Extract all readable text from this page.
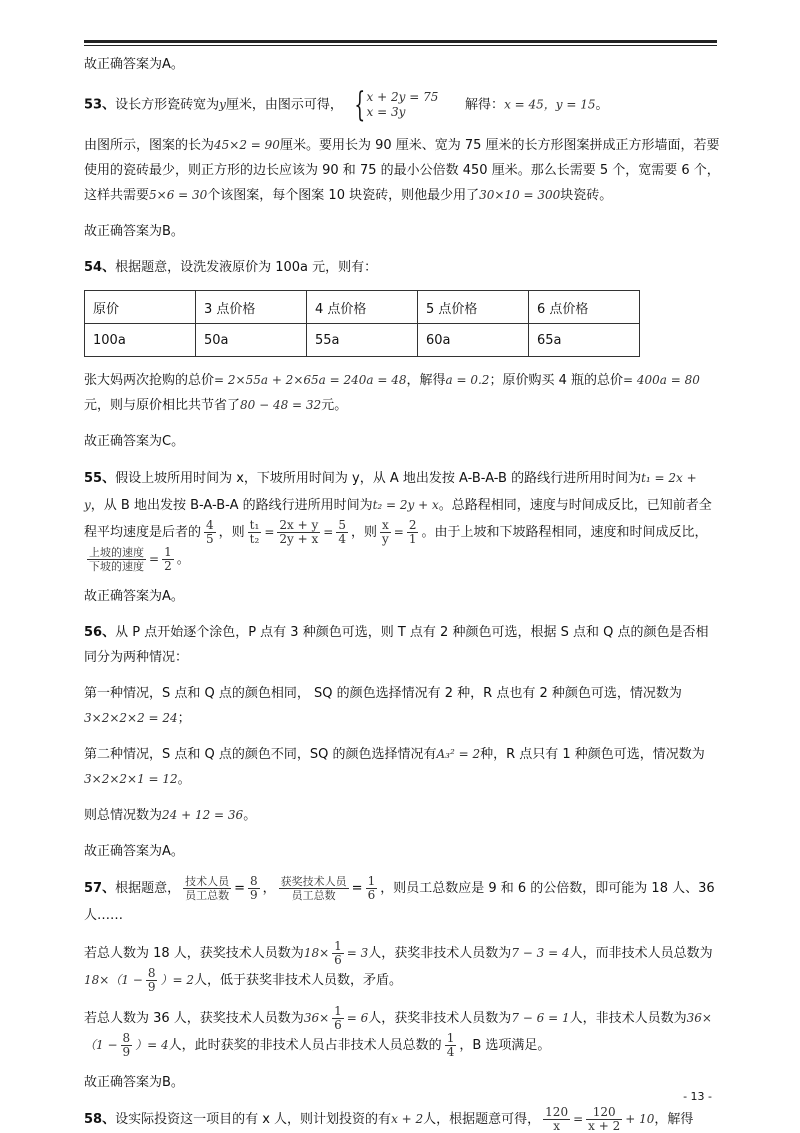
故正确答案为A。

53、设长方形瓷砖宽为y厘米，由图示可得， { x + 2y = 75
x = 3y	解得：x = 45，y = 15。

由图所示，图案的长为45×2 = 90厘米。要用长为 90 厘米、宽为 75 厘米的长方形图案拼成正方形墙面，若要使用的瓷砖最少，则正方形的边长应该为 90 和 75 的最小公倍数 450 厘米。那么长需要 5 个，宽需要 6 个，这样共需要5×6 = 30个该图案，每个图案 10 块瓷砖，则他最少用了30×10 = 300块瓷砖。

故正确答案为B。

54、根据题意，设洗发液原价为 100a 元，则有：

原价	3 点价格	4 点价格	5 点价格	6 点价格
100a	50a	55a	60a	65a

张大妈两次抢购的总价= 2×55a + 2×65a = 240a = 48，解得a = 0.2；原价购买 4 瓶的总价= 400a = 80元，则与原价相比共节省了80 − 48 = 32元。

故正确答案为C。

55、假设上坡所用时间为 x，下坡所用时间为 y，从 A 地出发按 A-B-A-B 的路线行进所用时间为t₁ = 2x + y，从 B 地出发按 B-A-B-A 的路线行进所用时间为t₂ = 2y + x。总路程相同，速度与时间成反比，已知前者全程平均速度是后者的 $\frac{4}{5}$ ，则 $\frac{\text{t₁}}{\text{t₂}} = \frac{2x + y}{2y + x} = \frac{5}{4}$ ，则 $\frac{x}{y} = \frac{2}{1}$ 。由于上坡和下坡路程相同，速度和时间成反比，
$\frac{\text{上坡的速度}}{\text{下坡的速度}} = \frac{1}{2}$ 。

故正确答案为A。

56、从 P 点开始逐个涂色，P 点有 3 种颜色可选，则 T 点有 2 种颜色可选，根据 S 点和 Q 点的颜色是否相同分为两种情况：

第一种情况，S 点和 Q 点的颜色相同， SQ 的颜色选择情况有 2 种，R 点也有 2 种颜色可选，情况数为3×2×2×2 = 24；

第二种情况，S 点和 Q 点的颜色不同，SQ 的颜色选择情况有A₃² = 2种，R 点只有 1 种颜色可选，情况数为3×2×2×1 = 12。

则总情况数为24 + 12 = 36。

故正确答案为A。

57、根据题意， $\frac{\text{技术人员}}{\text{员工总数}} = \frac{8}{9}$ ， $\frac{\text{获奖技术人员}}{\text{员工总数}} = \frac{1}{6}$ ，则员工总数应是 9 和 6 的公倍数，即可能为 18 人、36 人……

若总人数为 18 人，获奖技术人员数为$18\times \frac{1}{6} = 3$人，获奖非技术人员数为7 − 3 = 4人，而非技术人员总数为$18\times(1 - \frac{8}{9}$ ）= 2人，低于获奖非技术人员数，矛盾。

若总人数为 36 人，获奖技术人员数为$36\times \frac{1}{6} = 6$人，获奖非技术人员数为7 − 6 = 1人，非技术人员数为$36\times(1 - \frac{8}{9}$ ）= 4人，此时获奖的非技术人员占非技术人员总数的 $\frac{1}{4}$ ，B 选项满足。

故正确答案为B。

58、设实际投资这一项目的有 x 人，则计划投资的有x + 2人，根据题意可得， $\frac{120}{x} = \frac{120}{x + 2} + 10$，解得

- 13 -
